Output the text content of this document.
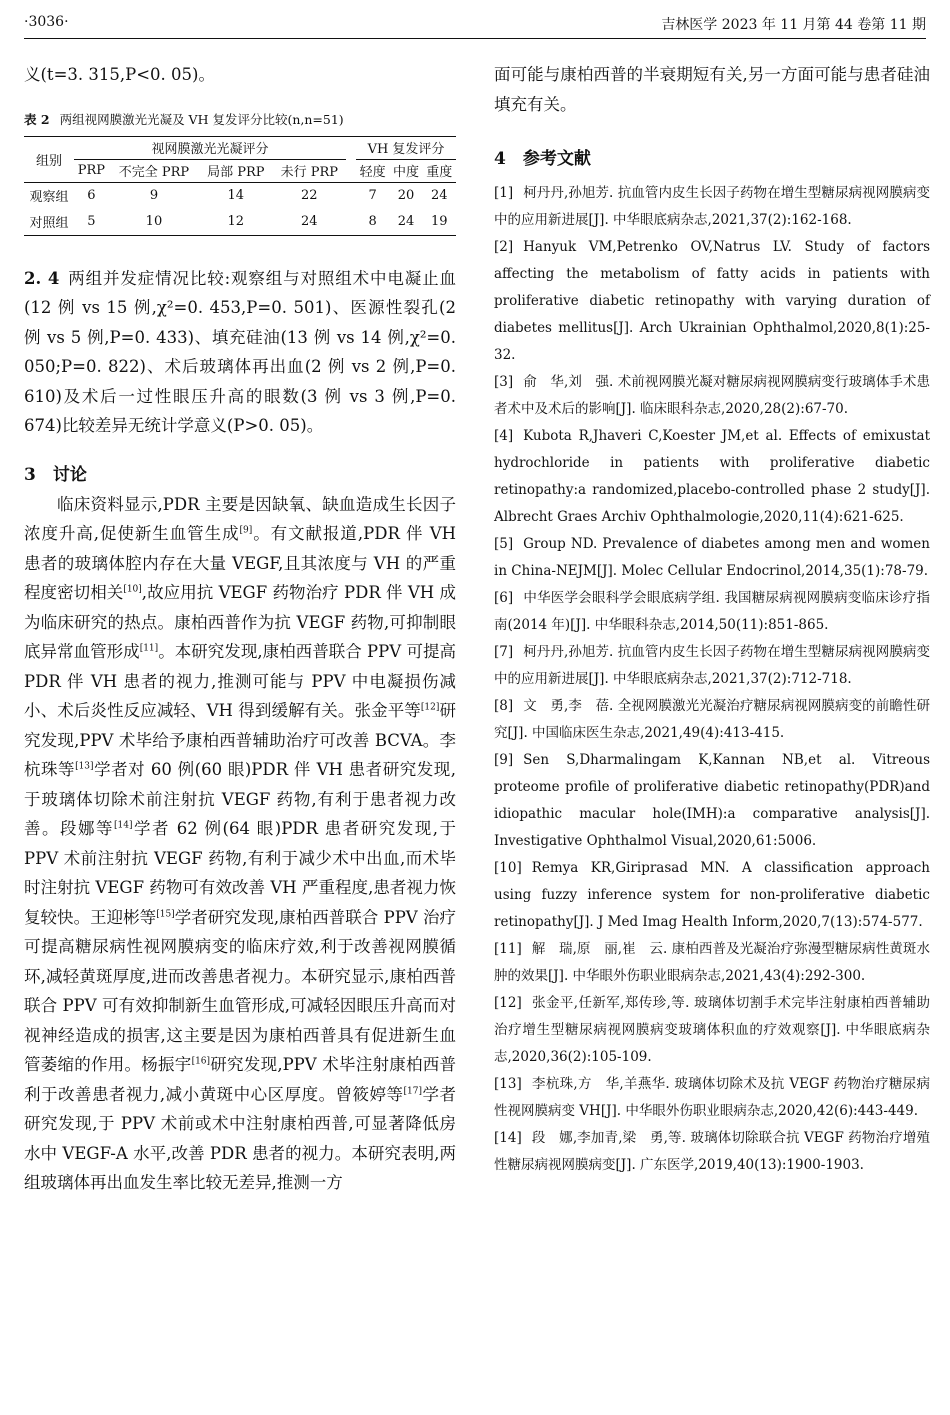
·3036·	吉林医学 2023 年 11 月第 44 卷第 11 期

义(t=3. 315,P<0. 05)。

表 2 两组视网膜激光光凝及 VH 复发评分比较(n,n=51)
组别	视网膜激光光凝评分					VH 复发评分		
	PRP	不完全 PRP	局部 PRP	未行 PRP		轻度	中度	重度
观察组	6	9	14	22		7	20	24
对照组	5	10	12	24		8	24	19

2. 4 两组并发症情况比较:观察组与对照组术中电凝止血(12 例 vs 15 例,χ²=0. 453,P=0. 501)、医源性裂孔(2 例 vs 5 例,P=0. 433)、填充硅油(13 例 vs 14 例,χ²=0. 050;P=0. 822)、术后玻璃体再出血(2 例 vs 2 例,P=0. 610)及术后一过性眼压升高的眼数(3 例 vs 3 例,P=0. 674)比较差异无统计学意义(P>0. 05)。

3　讨论

临床资料显示,PDR 主要是因缺氧、缺血造成生长因子浓度升高,促使新生血管生成[9]。有文献报道,PDR 伴 VH 患者的玻璃体腔内存在大量 VEGF,且其浓度与 VH 的严重程度密切相关[10],故应用抗 VEGF 药物治疗 PDR 伴 VH 成为临床研究的热点。康柏西普作为抗 VEGF 药物,可抑制眼底异常血管形成[11]。本研究发现,康柏西普联合 PPV 可提高 PDR 伴 VH 患者的视力,推测可能与 PPV 中电凝损伤减小、术后炎性反应减轻、VH 得到缓解有关。张金平等[12]研究发现,PPV 术毕给予康柏西普辅助治疗可改善 BCVA。李杭珠等[13]学者对 60 例(60 眼)PDR 伴 VH 患者研究发现,于玻璃体切除术前注射抗 VEGF 药物,有利于患者视力改善。段娜等[14]学者 62 例(64 眼)PDR 患者研究发现,于 PPV 术前注射抗 VEGF 药物,有利于减少术中出血,而术毕时注射抗 VEGF 药物可有效改善 VH 严重程度,患者视力恢复较快。王迎彬等[15]学者研究发现,康柏西普联合 PPV 治疗可提高糖尿病性视网膜病变的临床疗效,利于改善视网膜循环,减轻黄斑厚度,进而改善患者视力。本研究显示,康柏西普联合 PPV 可有效抑制新生血管形成,可减轻因眼压升高而对视神经造成的损害,这主要是因为康柏西普具有促进新生血管萎缩的作用。杨振宇[16]研究发现,PPV 术毕注射康柏西普利于改善患者视力,减小黄斑中心区厚度。曾筱婷等[17]学者研究发现,于 PPV 术前或术中注射康柏西普,可显著降低房水中 VEGF-A 水平,改善 PDR 患者的视力。本研究表明,两组玻璃体再出血发生率比较无差异,推测一方

面可能与康柏西普的半衰期短有关,另一方面可能与患者硅油填充有关。

4　参考文献

[1] 柯丹丹,孙旭芳. 抗血管内皮生长因子药物在增生型糖尿病视网膜病变中的应用新进展[J]. 中华眼底病杂志,2021,37(2):162-168.

[2] Hanyuk VM,Petrenko OV,Natrus LV. Study of factors affecting the metabolism of fatty acids in patients with proliferative diabetic retinopathy with varying duration of diabetes mellitus[J]. Arch Ukrainian Ophthalmol,2020,8(1):25-32.

[3] 俞　华,刘　强. 术前视网膜光凝对糖尿病视网膜病变行玻璃体手术患者术中及术后的影响[J]. 临床眼科杂志,2020,28(2):67-70.

[4] Kubota R,Jhaveri C,Koester JM,et al. Effects of emixustat hydrochloride in patients with proliferative diabetic retinopathy:a randomized,placebo-controlled phase 2 study[J]. Albrecht Graes Archiv Ophthalmologie,2020,11(4):621-625.

[5] Group ND. Prevalence of diabetes among men and women in China-NEJM[J]. Molec Cellular Endocrinol,2014,35(1):78-79.

[6] 中华医学会眼科学会眼底病学组. 我国糖尿病视网膜病变临床诊疗指南(2014 年)[J]. 中华眼科杂志,2014,50(11):851-865.

[7] 柯丹丹,孙旭芳. 抗血管内皮生长因子药物在增生型糖尿病视网膜病变中的应用新进展[J]. 中华眼底病杂志,2021,37(2):712-718.

[8] 文　勇,李　蓓. 全视网膜激光光凝治疗糖尿病视网膜病变的前瞻性研究[J]. 中国临床医生杂志,2021,49(4):413-415.

[9] Sen S,Dharmalingam K,Kannan NB,et al. Vitreous proteome profile of proliferative diabetic retinopathy(PDR)and idiopathic macular hole(IMH):a comparative analysis[J]. Investigative Ophthalmol Visual,2020,61:5006.

[10] Remya KR,Giriprasad MN. A classification approach using fuzzy inference system for non-proliferative diabetic retinopathy[J]. J Med Imag Health Inform,2020,7(13):574-577.

[11] 解　瑞,原　丽,崔　云. 康柏西普及光凝治疗弥漫型糖尿病性黄斑水肿的效果[J]. 中华眼外伤职业眼病杂志,2021,43(4):292-300.

[12] 张金平,任新军,郑传珍,等. 玻璃体切割手术完毕注射康柏西普辅助治疗增生型糖尿病视网膜病变玻璃体积血的疗效观察[J]. 中华眼底病杂志,2020,36(2):105-109.

[13] 李杭珠,方　华,羊燕华. 玻璃体切除术及抗 VEGF 药物治疗糖尿病性视网膜病变 VH[J]. 中华眼外伤职业眼病杂志,2020,42(6):443-449.

[14] 段　娜,李加青,梁　勇,等. 玻璃体切除联合抗 VEGF 药物治疗增殖性糖尿病视网膜病变[J]. 广东医学,2019,40(13):1900-1903.
